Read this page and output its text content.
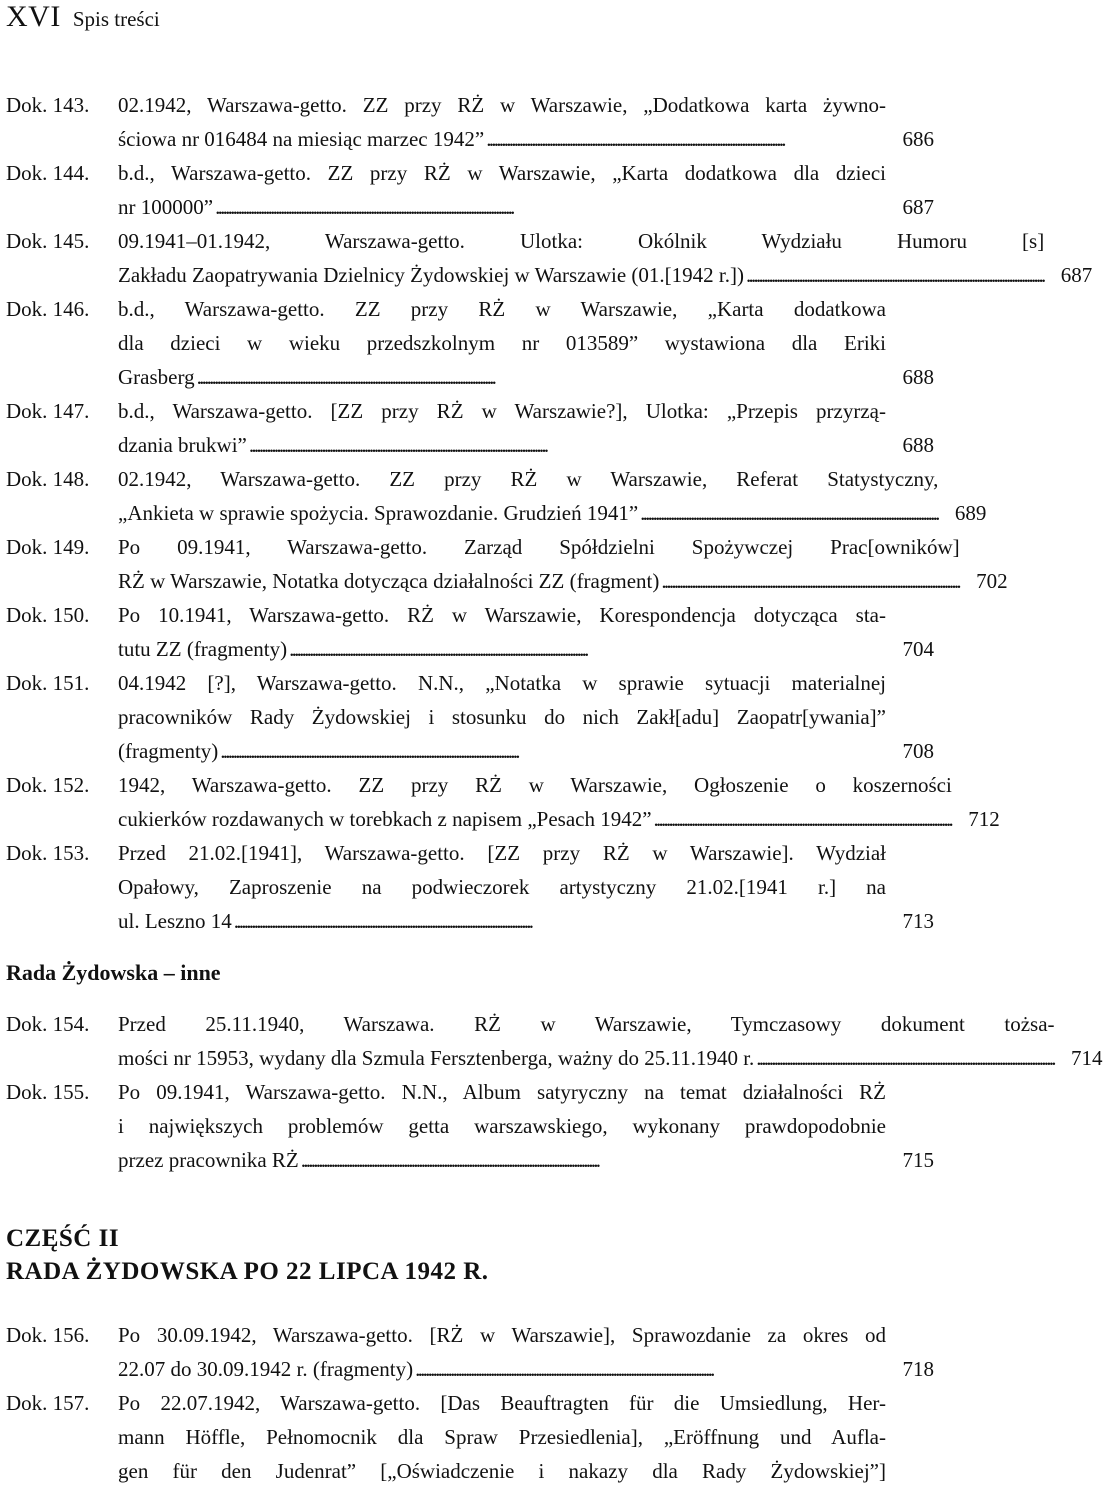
XVI Spis treści
Dok. 143.	02.1942, Warszawa-getto. ZZ przy RŻ w Warszawie, „Dodatkowa karta żywno-
ściowa nr 016484 na miesiąc marzec 1942” . . .	686
Dok. 144.	b.d., Warszawa-getto. ZZ przy RŻ w Warszawie, „Karta dodatkowa dla dzieci
nr 100000” . . .	687
Dok. 145.	09.1941–01.1942, Warszawa-getto. Ulotka: Okólnik Wydziału Humoru [s]
Zakładu Zaopatrywania Dzielnicy Żydowskiej w Warszawie (01.[1942 r.]) . . .	687
Dok. 146.	b.d., Warszawa-getto. ZZ przy RŻ w Warszawie, „Karta dodatkowa
dla dzieci w wieku przedszkolnym nr 013589” wystawiona dla Eriki
Grasberg . . .	688
Dok. 147.	b.d., Warszawa-getto. [ZZ przy RŻ w Warszawie?], Ulotka: „Przepis przyrzą-
dzania brukwi” . . .	688
Dok. 148.	02.1942, Warszawa-getto. ZZ przy RŻ w Warszawie, Referat Statystyczny,
„Ankieta w sprawie spożycia. Sprawozdanie. Grudzień 1941” . . .	689
Dok. 149.	Po 09.1941, Warszawa-getto. Zarząd Spółdzielni Spożywczej Prac[owników]
RŻ w Warszawie, Notatka dotycząca działalności ZZ (fragment) . . .	702
Dok. 150.	Po 10.1941, Warszawa-getto. RŻ w Warszawie, Korespondencja dotycząca sta-
tutu ZZ (fragmenty) . . .	704
Dok. 151.	04.1942 [?], Warszawa-getto. N.N., „Notatka w sprawie sytuacji materialnej
pracowników Rady Żydowskiej i stosunku do nich Zakł[adu] Zaopatr[ywania]”
(fragmenty) . . .	708
Dok. 152.	1942, Warszawa-getto. ZZ przy RŻ w Warszawie, Ogłoszenie o koszerności
cukierków rozdawanych w torebkach z napisem „Pesach 1942” . . .	712
Dok. 153.	Przed 21.02.[1941], Warszawa-getto. [ZZ przy RŻ w Warszawie]. Wydział
Opałowy, Zaproszenie na podwieczorek artystyczny 21.02.[1941 r.] na
ul. Leszno 14 . . .	713
Rada Żydowska – inne
Dok. 154.	Przed 25.11.1940, Warszawa. RŻ w Warszawie, Tymczasowy dokument tożsa-
mości nr 15953, wydany dla Szmula Fersztenberga, ważny do 25.11.1940 r. . . .	714
Dok. 155.	Po 09.1941, Warszawa-getto. N.N., Album satyryczny na temat działalności RŻ
i największych problemów getta warszawskiego, wykonany prawdopodobnie
przez pracownika RŻ . . .	715
CZĘŚĆ II
RADA ŻYDOWSKA PO 22 LIPCA 1942 R.
Dok. 156.	Po 30.09.1942, Warszawa-getto. [RŻ w Warszawie], Sprawozdanie za okres od
22.07 do 30.09.1942 r. (fragmenty) . . .	718
Dok. 157.	Po 22.07.1942, Warszawa-getto. [Das Beauftragten für die Umsiedlung, Her-
mann Höffle, Pełnomocnik dla Spraw Przesiedlenia], „Eröffnung und Aufla-
gen für den Judenrat” [„Oświadczenie i nakazy dla Rady Żydowskiej”]
